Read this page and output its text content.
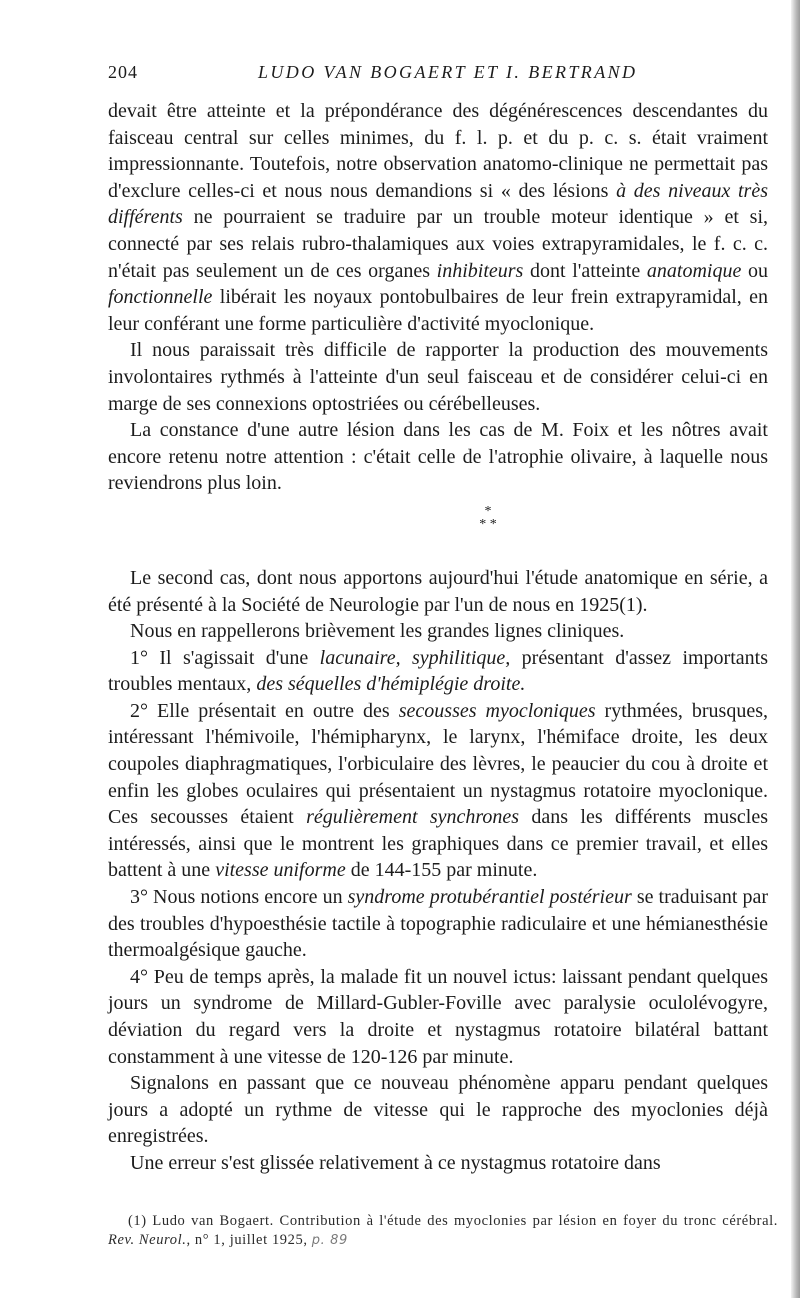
204	LUDO VAN BOGAERT ET I. BERTRAND

devait être atteinte et la prépondérance des dégénérescences descendantes du faisceau central sur celles minimes, du f. l. p. et du p. c. s. était vraiment impressionnante. Toutefois, notre observation anatomo-clinique ne permettait pas d'exclure celles-ci et nous nous demandions si « des lésions à des niveaux très différents ne pourraient se traduire par un trouble moteur identique » et si, connecté par ses relais rubro-thalamiques aux voies extrapyramidales, le f. c. c. n'était pas seulement un de ces organes inhibiteurs dont l'atteinte anatomique ou fonctionnelle libérait les noyaux pontobulbaires de leur frein extrapyramidal, en leur conférant une forme particulière d'activité myoclonique.

Il nous paraissait très difficile de rapporter la production des mouvements involontaires rythmés à l'atteinte d'un seul faisceau et de considérer celui-ci en marge de ses connexions optostriées ou cérébelleuses.

La constance d'une autre lésion dans les cas de M. Foix et les nôtres avait encore retenu notre attention : c'était celle de l'atrophie olivaire, à laquelle nous reviendrons plus loin.

*
* *

Le second cas, dont nous apportons aujourd'hui l'étude anatomique en série, a été présenté à la Société de Neurologie par l'un de nous en 1925(1).

Nous en rappellerons brièvement les grandes lignes cliniques.

1° Il s'agissait d'une lacunaire, syphilitique, présentant d'assez importants troubles mentaux, des séquelles d'hémiplégie droite.

2° Elle présentait en outre des secousses myocloniques rythmées, brusques, intéressant l'hémivoile, l'hémipharynx, le larynx, l'hémiface droite, les deux coupoles diaphragmatiques, l'orbiculaire des lèvres, le peaucier du cou à droite et enfin les globes oculaires qui présentaient un nystagmus rotatoire myoclonique. Ces secousses étaient régulièrement synchrones dans les différents muscles intéressés, ainsi que le montrent les graphiques dans ce premier travail, et elles battent à une vitesse uniforme de 144-155 par minute.

3° Nous notions encore un syndrome protubérantiel postérieur se traduisant par des troubles d'hypoesthésie tactile à topographie radiculaire et une hémianesthésie thermoalgésique gauche.

4° Peu de temps après, la malade fit un nouvel ictus: laissant pendant quelques jours un syndrome de Millard-Gubler-Foville avec paralysie oculolévogyre, déviation du regard vers la droite et nystagmus rotatoire bilatéral battant constamment à une vitesse de 120-126 par minute.

Signalons en passant que ce nouveau phénomène apparu pendant quelques jours a adopté un rythme de vitesse qui le rapproche des myoclonies déjà enregistrées.

Une erreur s'est glissée relativement à ce nystagmus rotatoire dans

(1) Ludo van Bogaert. Contribution à l'étude des myoclonies par lésion en foyer du tronc cérébral. Rev. Neurol., n° 1, juillet 1925, p. 89
